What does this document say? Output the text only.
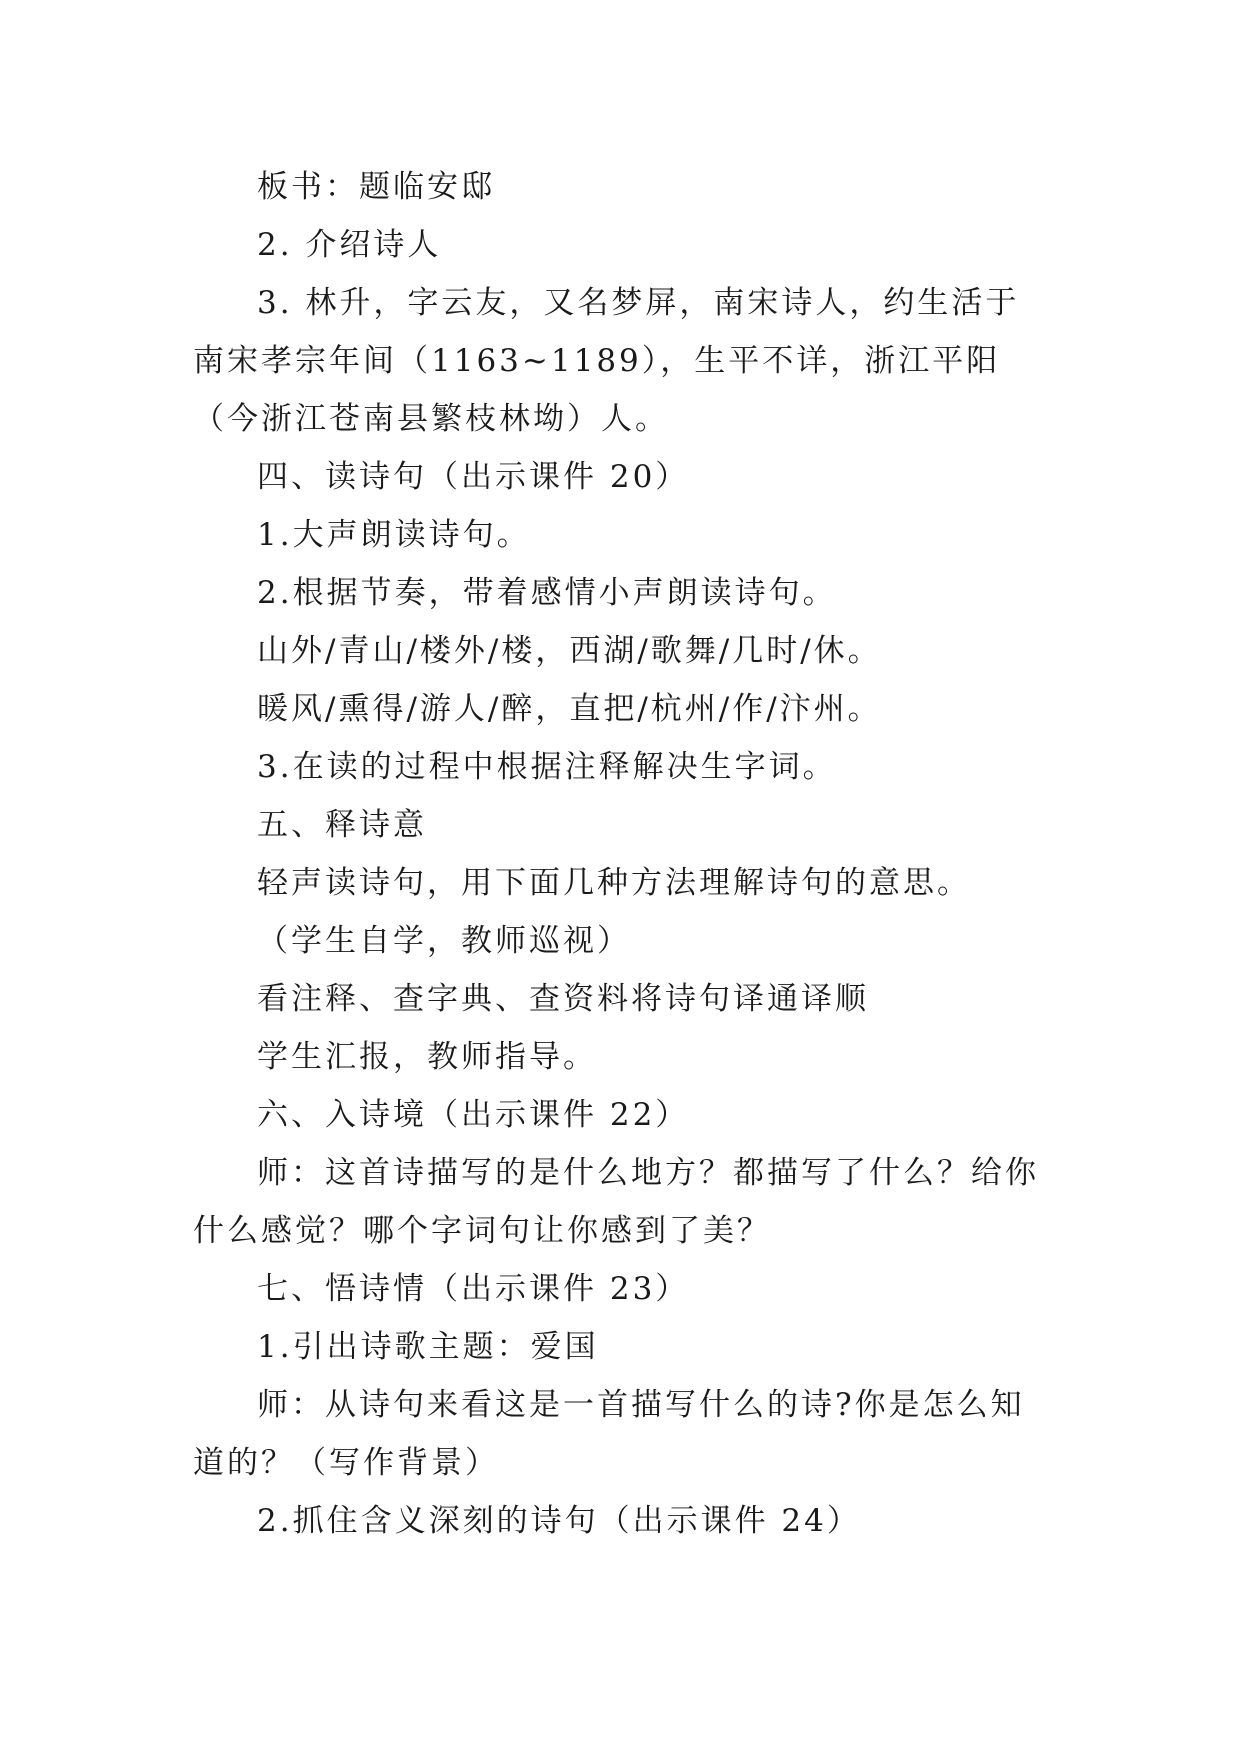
板书：题临安邸

2. 介绍诗人

3. 林升，字云友，又名梦屏，南宋诗人，约生活于南宋孝宗年间（1163~1189），生平不详，浙江平阳（今浙江苍南县繁枝林坳）人。

四、读诗句（出示课件 20）

1.大声朗读诗句。

2.根据节奏，带着感情小声朗读诗句。

山外/青山/楼外/楼，西湖/歌舞/几时/休。

暖风/熏得/游人/醉，直把/杭州/作/汴州。

3.在读的过程中根据注释解决生字词。

五、释诗意

轻声读诗句，用下面几种方法理解诗句的意思。

（学生自学，教师巡视）

看注释、查字典、查资料将诗句译通译顺

学生汇报，教师指导。

六、入诗境（出示课件 22）

师：这首诗描写的是什么地方？都描写了什么？给你什么感觉？哪个字词句让你感到了美？

七、悟诗情（出示课件 23）

1.引出诗歌主题：爱国

师：从诗句来看这是一首描写什么的诗?你是怎么知道的？（写作背景）

2.抓住含义深刻的诗句（出示课件 24）
